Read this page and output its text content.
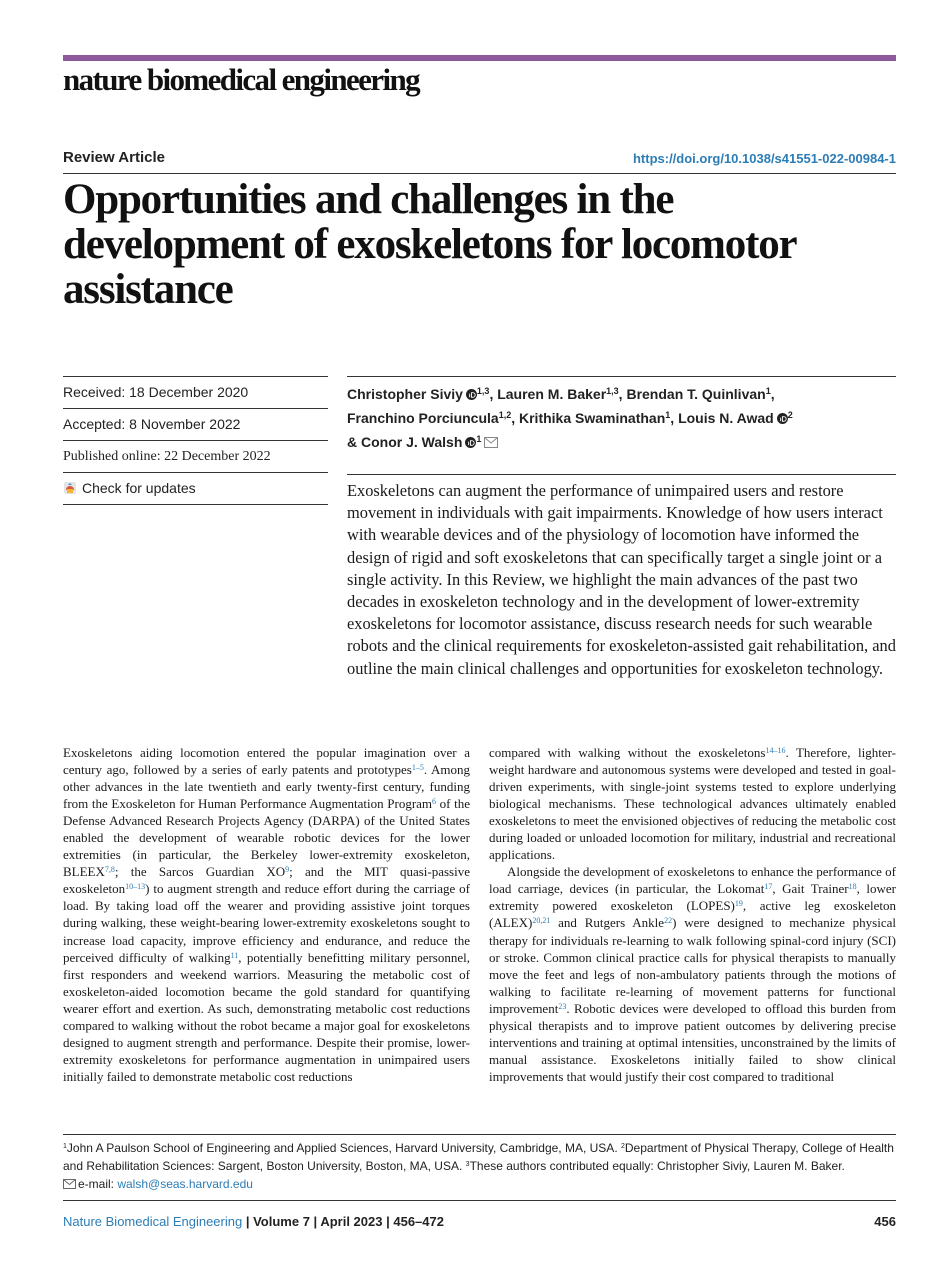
nature biomedical engineering
Review Article	https://doi.org/10.1038/s41551-022-00984-1
Opportunities and challenges in the development of exoskeletons for locomotor assistance
Received: 18 December 2020
Accepted: 8 November 2022
Published online: 22 December 2022
Check for updates
Christopher Siviy $^{1,3}$, Lauren M. Baker$^{1,3}$, Brendan T. Quinlivan$^1$,
Franchino Porciuncula$^{1,2}$, Krithika Swaminathan$^1$, Louis N. Awad $^2$
& Conor J. Walsh $^1$
Exoskeletons can augment the performance of unimpaired users and restore movement in individuals with gait impairments. Knowledge of how users interact with wearable devices and of the physiology of locomotion have informed the design of rigid and soft exoskeletons that can specifically target a single joint or a single activity. In this Review, we highlight the main advances of the past two decades in exoskeleton technology and in the development of lower-extremity exoskeletons for locomotor assistance, discuss research needs for such wearable robots and the clinical requirements for exoskeleton-assisted gait rehabilitation, and outline the main clinical challenges and opportunities for exoskeleton technology.

Exoskeletons aiding locomotion entered the popular imagination over a century ago, followed by a series of early patents and prototypes$^{1-5}$. Among other advances in the late twentieth and early twenty-first century, funding from the Exoskeleton for Human Performance Augmentation Program$^6$ of the Defense Advanced Research Projects Agency (DARPA) of the United States enabled the development of wearable robotic devices for the lower extremities (in particular, the Berkeley lower-extremity exoskeleton, BLEEX$^{7,8}$; the Sarcos Guardian $XO^9$; and the MIT quasi-passive exoskeleton$^{10-13}$) to augment strength and reduce effort during the carriage of load. By taking load off the wearer and providing assistive joint torques during walking, these weight-bearing lower-extremity exoskeletons sought to increase load capacity, improve efficiency and endurance, and reduce the perceived difficulty of walking$^{11}$, potentially benefitting military personnel, first responders and weekend warriors. Measuring the metabolic cost of exoskeleton-aided locomotion became the gold standard for quantifying wearer effort and exertion. As such, demonstrating metabolic cost reductions compared to walking without the robot became a major goal for exoskeletons designed to augment strength and performance. Despite their promise, lower-extremity exoskeletons for performance augmentation in unimpaired users initially failed to demonstrate metabolic cost reductions

compared with walking without the exoskeletons$^{14-16}$. Therefore, lighter-weight hardware and autonomous systems were developed and tested in goal-driven experiments, with single-joint systems tested to explore underlying biological mechanisms. These technological advances ultimately enabled exoskeletons to meet the envisioned objectives of reducing the metabolic cost during loaded or unloaded locomotion for military, industrial and recreational applications.

Alongside the development of exoskeletons to enhance the performance of load carriage, devices (in particular, the Lokomat$^{17}$, Gait Trainer$^{18}$, lower extremity powered exoskeleton (LOPES)$^{19}$, active leg exoskeleton (ALEX)$^{20,21}$ and Rutgers Ankle$^{22}$) were designed to mechanize physical therapy for individuals re-learning to walk following spinal-cord injury (SCI) or stroke. Common clinical practice calls for physical therapists to manually move the feet and legs of non-ambulatory patients through the motions of walking to facilitate re-learning of movement patterns for functional improvement$^{23}$. Robotic devices were developed to offload this burden from physical therapists and to improve patient outcomes by delivering precise interventions and training at optimal intensities, unconstrained by the limits of manual assistance. Exoskeletons initially failed to show clinical improvements that would justify their cost compared to traditional

$^1$John A Paulson School of Engineering and Applied Sciences, Harvard University, Cambridge, MA, USA. $^2$Department of Physical Therapy, College of Health and Rehabilitation Sciences: Sargent, Boston University, Boston, MA, USA. $^3$These authors contributed equally: Christopher Siviy, Lauren M. Baker.
e-mail: walsh@seas.harvard.edu
Nature Biomedical Engineering | Volume 7 | April 2023 | 456–472	456
